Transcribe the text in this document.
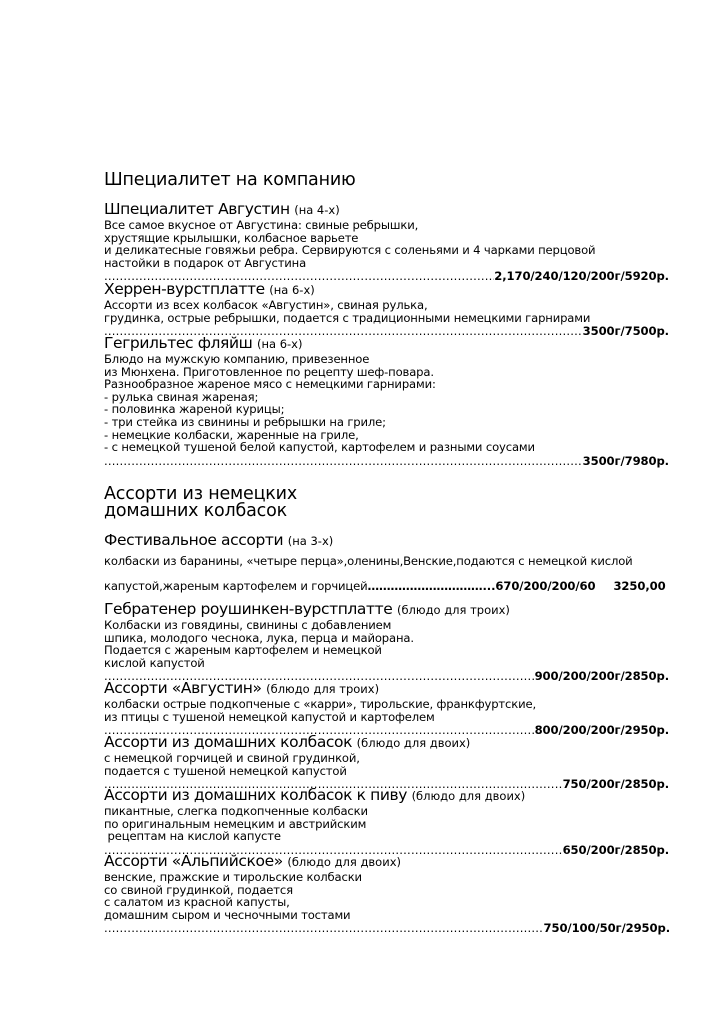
Шпециалитет на компанию
Шпециалитет Августин (на 4-х)
Все самое вкусное от Августина: свиные ребрышки,
хрустящие крылышки, колбасное варьете
и деликатесные говяжьи ребра. Сервируются с соленьями и 4 чарками перцовой
настойки в подарок от Августина
.....
2,170/240/120/200г/5920р.
Херрен-вурстплатте (на 6-х)
Ассорти из всех колбасок «Августин», свиная рулька,
грудинка, острые ребрышки, подается с традиционными немецкими гарнирами
.....
3500г/7500р.
Гегрильтес фляйш (на 6-х)
Блюдо на мужскую компанию, привезенное
из Мюнхена. Приготовленное по рецепту шеф-повара.
Разнообразное жареное мясо с немецкими гарнирами:
- рулька свиная жареная;
- половинка жареной курицы;
- три стейка из свинины и ребрышки на гриле;
- немецкие колбаски, жаренные на гриле,
- с немецкой тушеной белой капустой, картофелем и разными соусами
.....
3500г/7980р.
Ассорти из немецких
домашних колбасок
Фестивальное ассорти (на 3-х)
колбаски из баранины, «четыре перца»,оленины,Венские,подаются с немецкой кислой
капустой,жареным картофелем и горчицей…………………………...670/200/200/60 3250,00
Гебратенер роушинкен-вурстплатте (блюдо для троих)
Колбаски из говядины, свинины с добавлением
шпика, молодого чеснока, лука, перца и майорана.
Подается с жареным картофелем и немецкой
кислой капустой
.....
900/200/200г/2850р.
Ассорти «Августин» (блюдо для троих)
колбаски острые подкопченые с «карри», тирольские, франкфуртские,
из птицы с тушеной немецкой капустой и картофелем
.....
800/200/200г/2950р.
Ассорти из домашних колбасок (блюдо для двоих)
с немецкой горчицей и свиной грудинкой,
подается с тушеной немецкой капустой
.....
750/200г/2850р.
Ассорти из домашних колбасок к пиву (блюдо для двоих)
пикантные, слегка подкопченные колбаски
по оригинальным немецким и австрийским
рецептам на кислой капусте
.....
650/200г/2850р.
Ассорти «Альпийское» (блюдо для двоих)
венские, пражские и тирольские колбаски
со свиной грудинкой, подается
с салатом из красной капусты,
домашним сыром и чесночными тостами
.....
750/100/50г/2950р.
